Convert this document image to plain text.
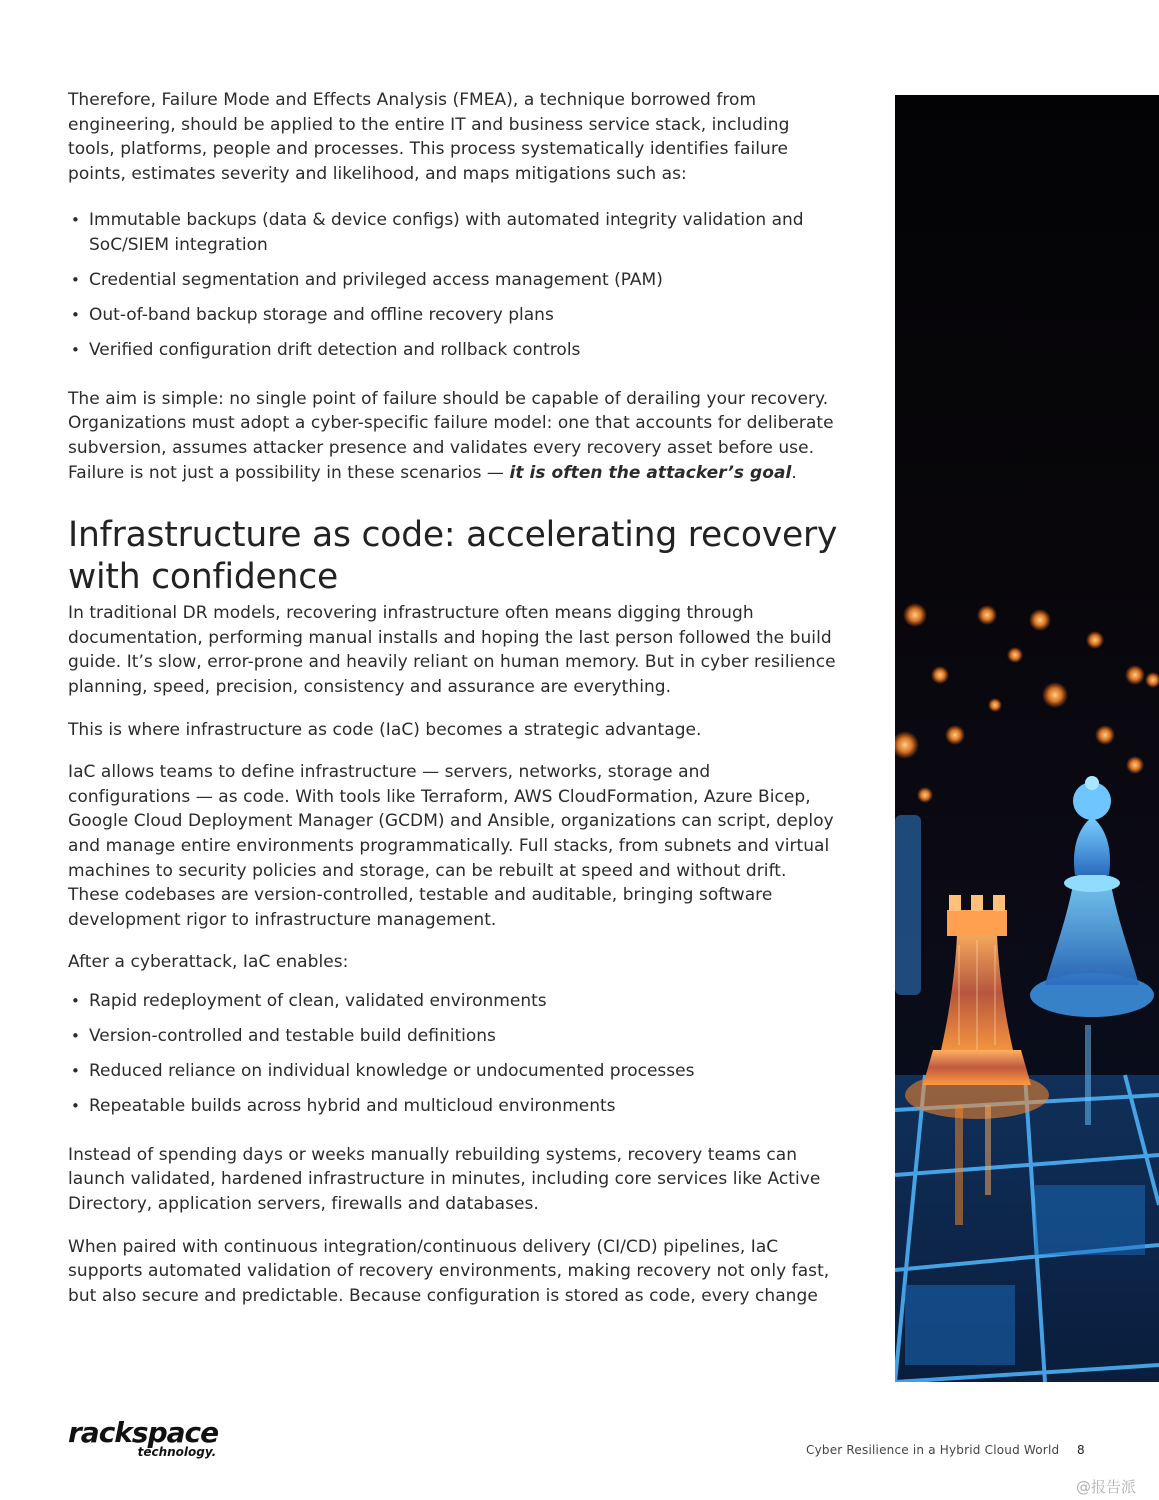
Therefore, Failure Mode and Effects Analysis (FMEA), a technique borrowed from engineering, should be applied to the entire IT and business service stack, including tools, platforms, people and processes. This process systematically identifies failure points, estimates severity and likelihood, and maps mitigations such as:

• Immutable backups (data & device configs) with automated integrity validation and SoC/SIEM integration
• Credential segmentation and privileged access management (PAM)
• Out-of-band backup storage and offline recovery plans
• Verified configuration drift detection and rollback controls

The aim is simple: no single point of failure should be capable of derailing your recovery. Organizations must adopt a cyber-specific failure model: one that accounts for deliberate subversion, assumes attacker presence and validates every recovery asset before use. Failure is not just a possibility in these scenarios — it is often the attacker’s goal.

Infrastructure as code: accelerating recovery with confidence

In traditional DR models, recovering infrastructure often means digging through documentation, performing manual installs and hoping the last person followed the build guide. It’s slow, error-prone and heavily reliant on human memory. But in cyber resilience planning, speed, precision, consistency and assurance are everything.

This is where infrastructure as code (IaC) becomes a strategic advantage.

IaC allows teams to define infrastructure — servers, networks, storage and configurations — as code. With tools like Terraform, AWS CloudFormation, Azure Bicep, Google Cloud Deployment Manager (GCDM) and Ansible, organizations can script, deploy and manage entire environments programmatically. Full stacks, from subnets and virtual machines to security policies and storage, can be rebuilt at speed and without drift. These codebases are version-controlled, testable and auditable, bringing software development rigor to infrastructure management.

After a cyberattack, IaC enables:

• Rapid redeployment of clean, validated environments
• Version-controlled and testable build definitions
• Reduced reliance on individual knowledge or undocumented processes
• Repeatable builds across hybrid and multicloud environments

Instead of spending days or weeks manually rebuilding systems, recovery teams can launch validated, hardened infrastructure in minutes, including core services like Active Directory, application servers, firewalls and databases.

When paired with continuous integration/continuous delivery (CI/CD) pipelines, IaC supports automated validation of recovery environments, making recovery not only fast, but also secure and predictable. Because configuration is stored as code, every change

rackspace
technology.	Cyber Resilience in a Hybrid Cloud World 8
@报告派
